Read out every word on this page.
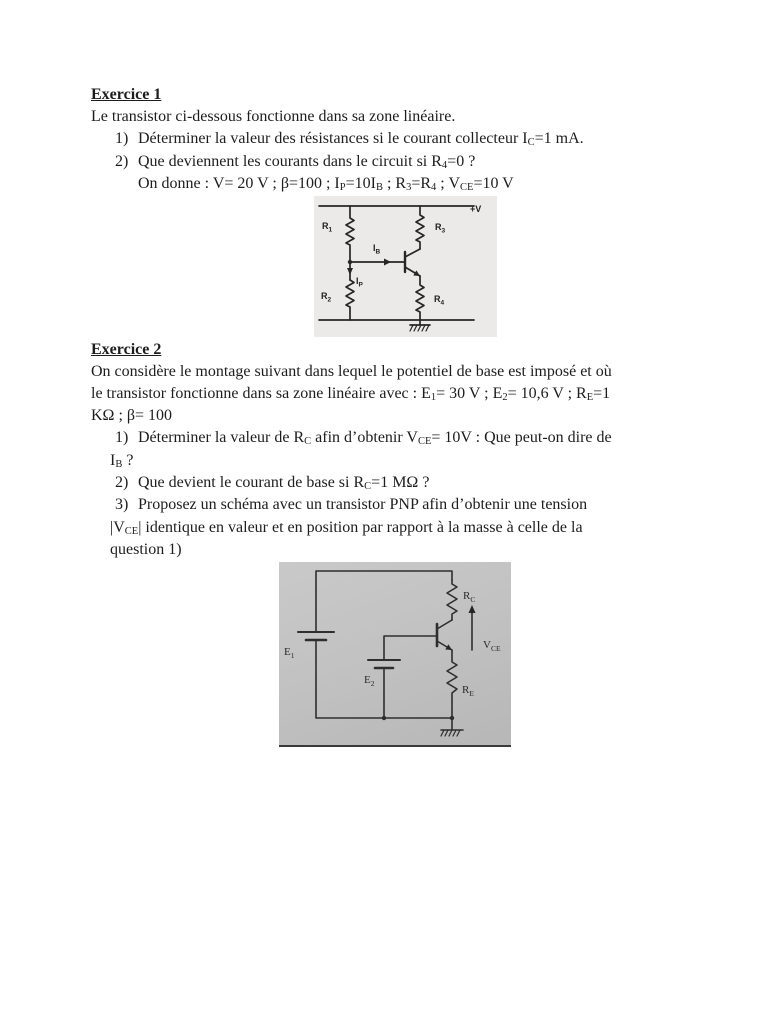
Exercice 1
Le transistor ci-dessous fonctionne dans sa zone linéaire.
1) Déterminer la valeur des résistances si le courant collecteur $I_C=1$ mA.
2) Que deviennent les courants dans le circuit si $R_4=0$ ?
On donne : V= 20 V ; β=100 ; $I_P=10I_B$ ; $R_3=R_4$ ; $V_{CE}=10$ V
+V
$R_1$
$R_2$
$R_3$
$R_4$
$I_B$
$I_P$
Exercice 2
On considère le montage suivant dans lequel le potentiel de base est imposé et où
le transistor fonctionne dans sa zone linéaire avec : $E_1= 30$ V ; $E_2= 10,6$ V ; $R_E=1$
KΩ ; β= 100
1) Déterminer la valeur de $R_C$ afin d’obtenir $V_{CE}= 10V$ : Que peut-on dire de
$I_B$ ?
2) Que devient le courant de base si $R_C=1$ MΩ ?
3) Proposez un schéma avec un transistor PNP afin d’obtenir une tension
$|V_{CE}|$ identique en valeur et en position par rapport à la masse à celle de la
question 1)
$R_C$
$V_{CE}$
$E_1$
$E_2$
$R_E$
